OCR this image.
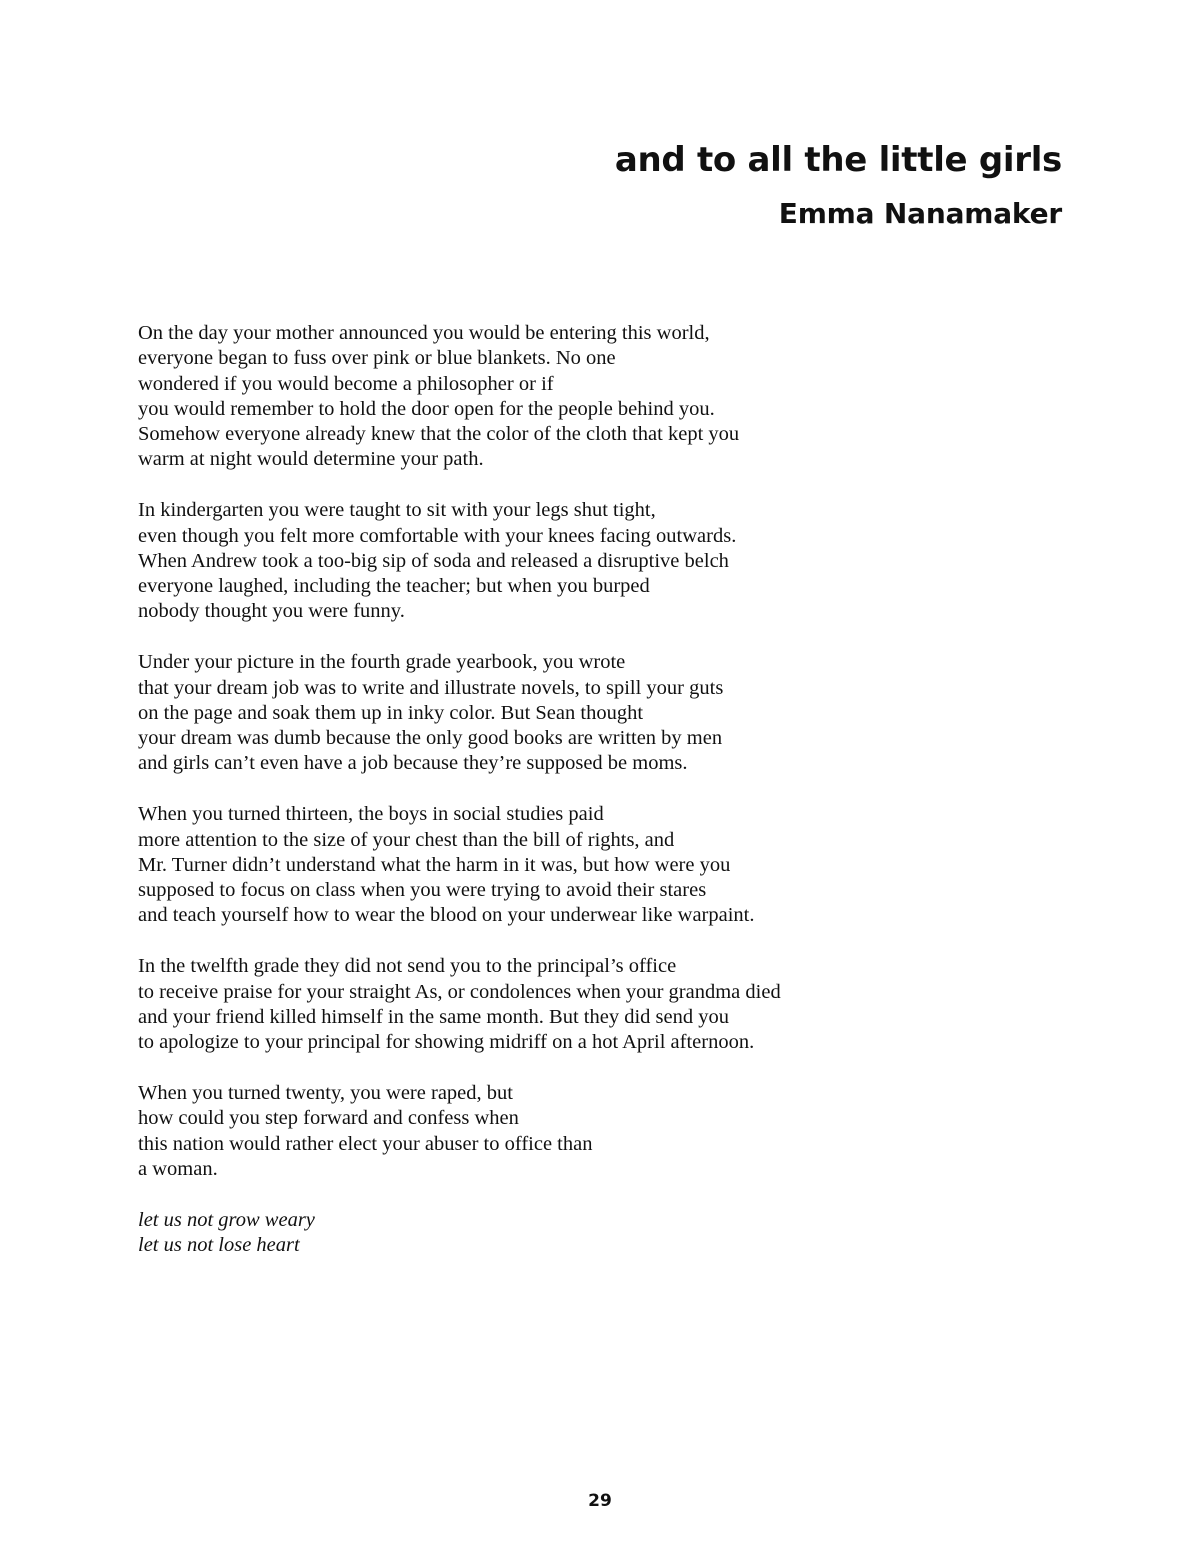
and to all the little girls
Emma Nanamaker

On the day your mother announced you would be entering this world,
everyone began to fuss over pink or blue blankets. No one
wondered if you would become a philosopher or if
you would remember to hold the door open for the people behind you.
Somehow everyone already knew that the color of the cloth that kept you
warm at night would determine your path.

In kindergarten you were taught to sit with your legs shut tight,
even though you felt more comfortable with your knees facing outwards.
When Andrew took a too-big sip of soda and released a disruptive belch
everyone laughed, including the teacher; but when you burped
nobody thought you were funny.

Under your picture in the fourth grade yearbook, you wrote
that your dream job was to write and illustrate novels, to spill your guts
on the page and soak them up in inky color. But Sean thought
your dream was dumb because the only good books are written by men
and girls can’t even have a job because they’re supposed be moms.

When you turned thirteen, the boys in social studies paid
more attention to the size of your chest than the bill of rights, and
Mr. Turner didn’t understand what the harm in it was, but how were you
supposed to focus on class when you were trying to avoid their stares
and teach yourself how to wear the blood on your underwear like warpaint.

In the twelfth grade they did not send you to the principal’s office
to receive praise for your straight As, or condolences when your grandma died
and your friend killed himself in the same month. But they did send you
to apologize to your principal for showing midriff on a hot April afternoon.

When you turned twenty, you were raped, but
how could you step forward and confess when
this nation would rather elect your abuser to office than
a woman.

let us not grow weary
let us not lose heart

29
